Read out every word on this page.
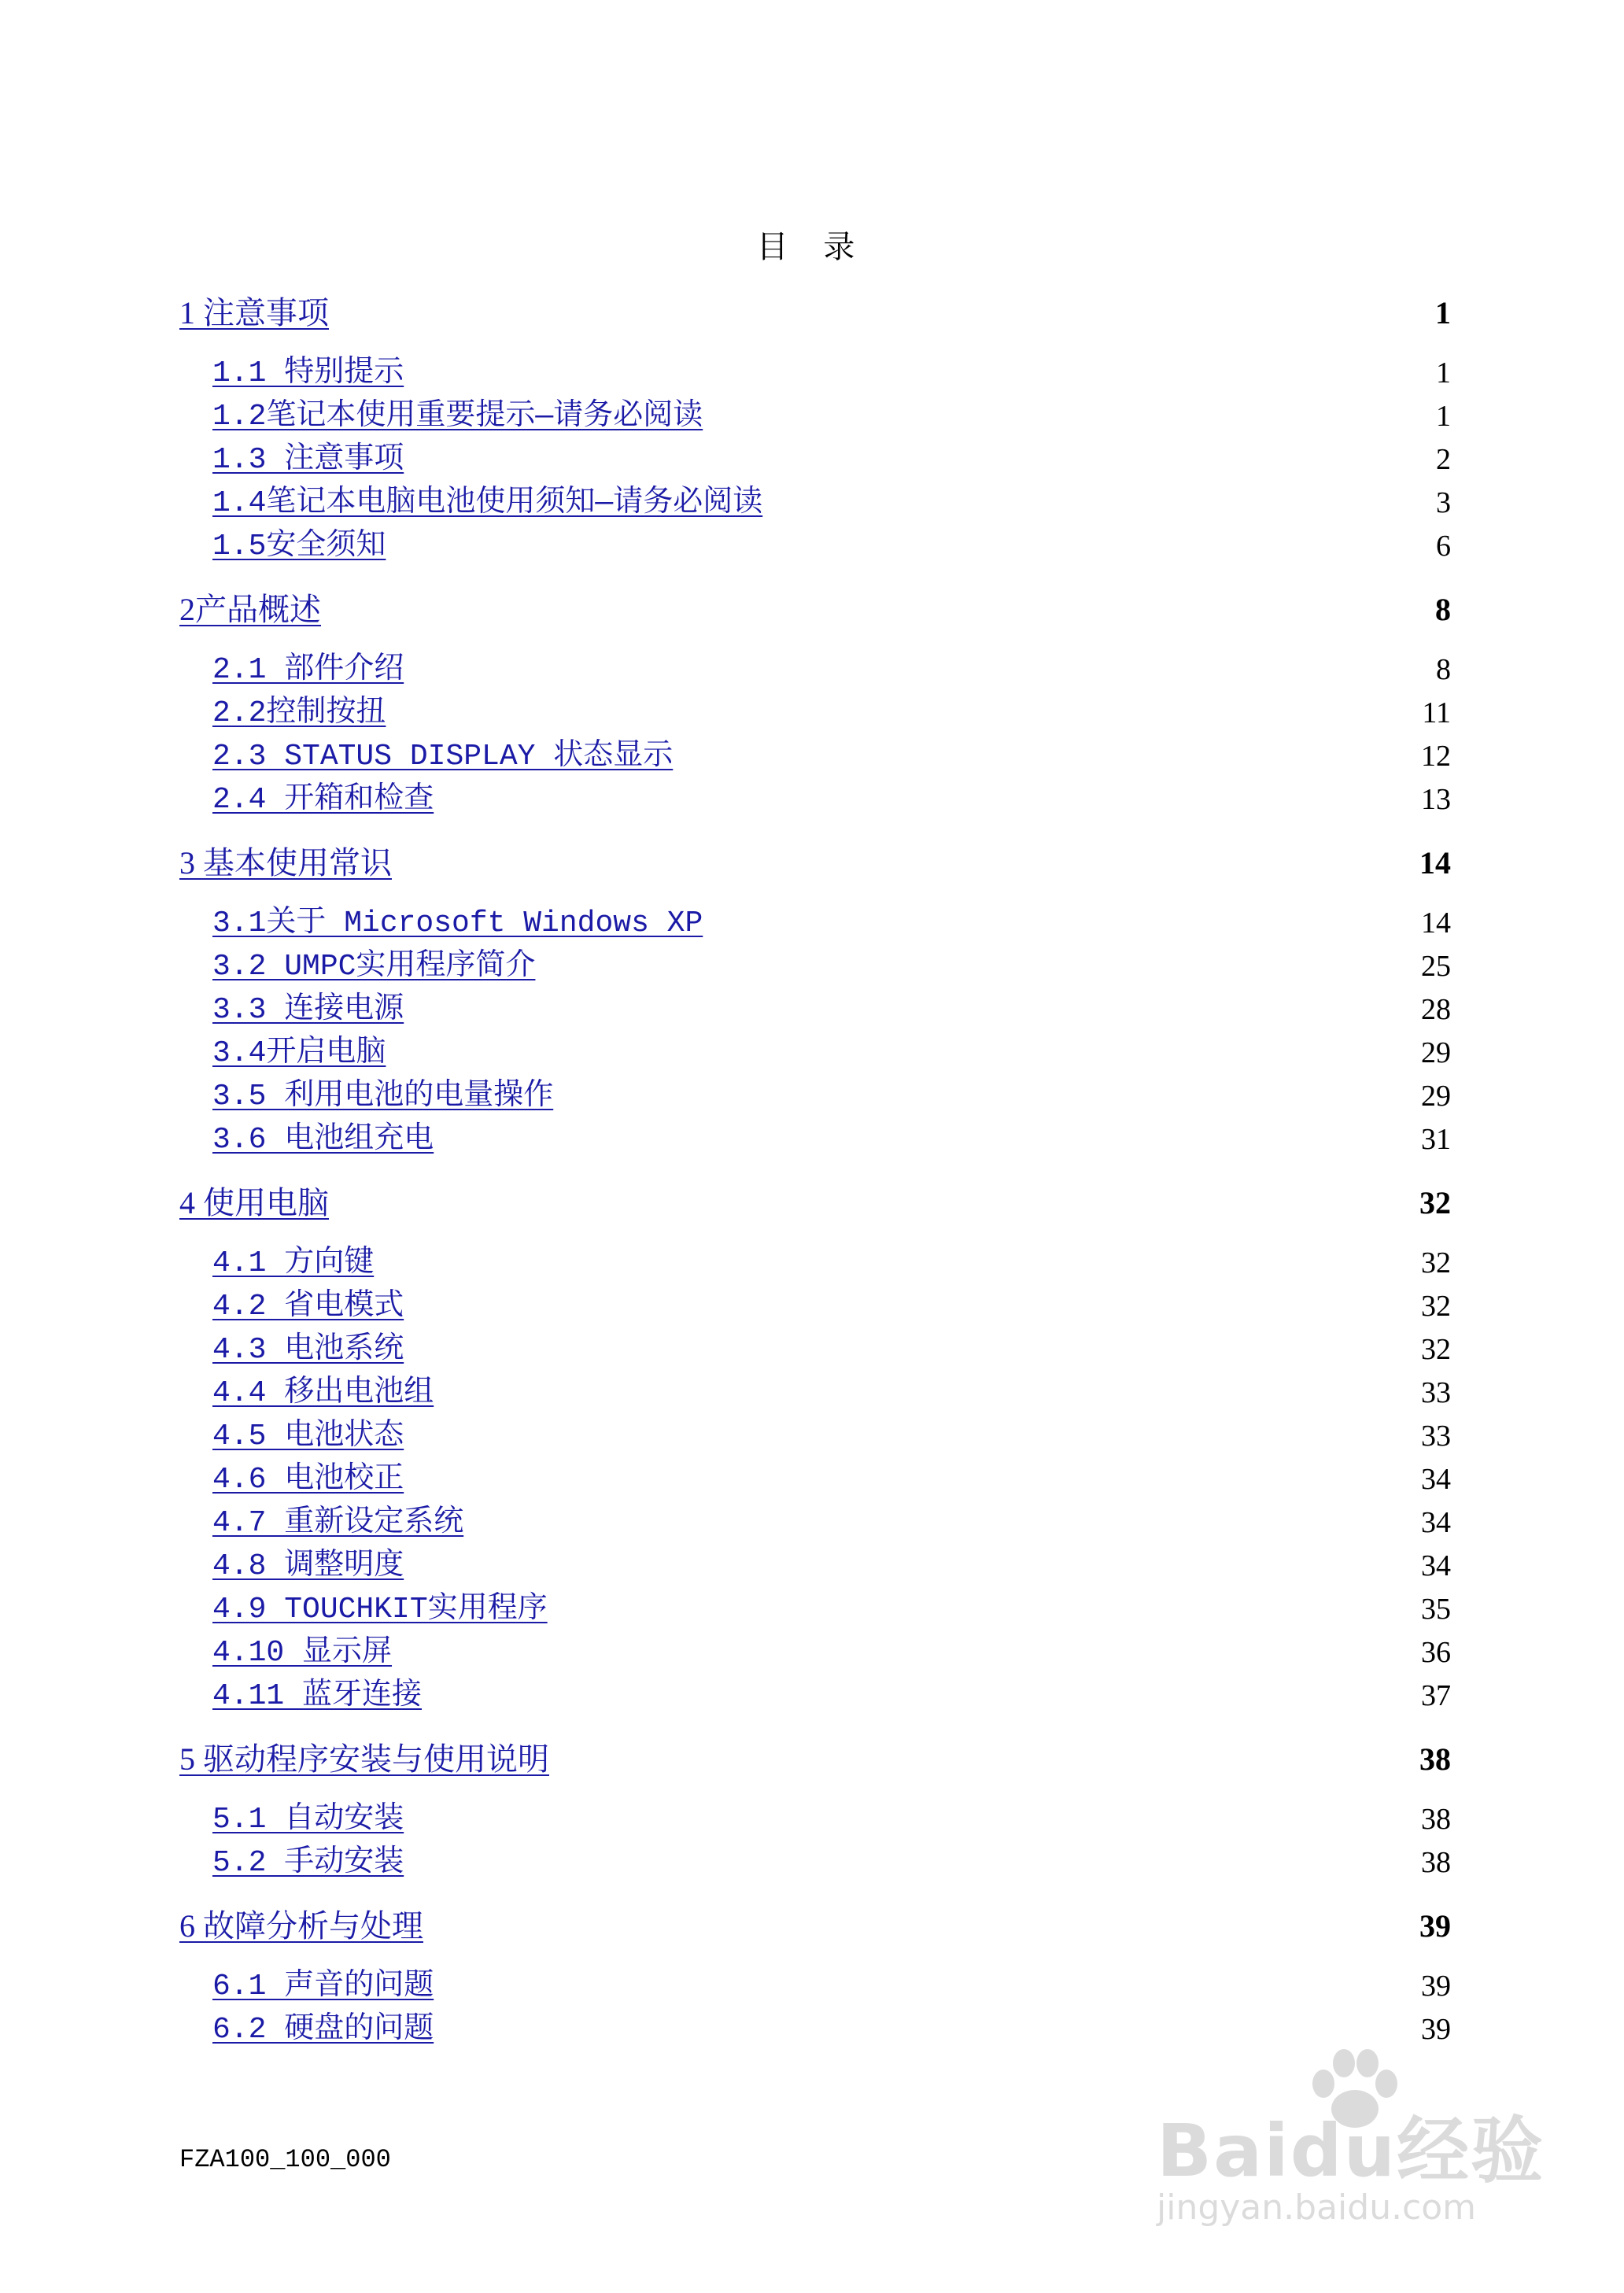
目 录
1 注意事项	1
1.1 特别提示	1
1.2笔记本使用重要提示—请务必阅读	1
1.3 注意事项	2
1.4笔记本电脑电池使用须知—请务必阅读	3
1.5安全须知	6
2产品概述	8
2.1 部件介绍	8
2.2控制按扭	11
2.3 STATUS DISPLAY 状态显示	12
2.4 开箱和检查	13
3 基本使用常识	14
3.1关于 Microsoft Windows XP	14
3.2 UMPC实用程序简介	25
3.3 连接电源	28
3.4开启电脑	29
3.5 利用电池的电量操作	29
3.6 电池组充电	31
4 使用电脑	32
4.1 方向键	32
4.2 省电模式	32
4.3 电池系统	32
4.4 移出电池组	33
4.5 电池状态	33
4.6 电池校正	34
4.7 重新设定系统	34
4.8 调整明度	34
4.9 TOUCHKIT实用程序	35
4.10 显示屏	36
4.11 蓝牙连接	37
5 驱动程序安装与使用说明	38
5.1 自动安装	38
5.2 手动安装	38
6 故障分析与处理	39
6.1 声音的问题	39
6.2 硬盘的问题	39
FZA100_100_000	Baidu经验
jingyan.baidu.com
